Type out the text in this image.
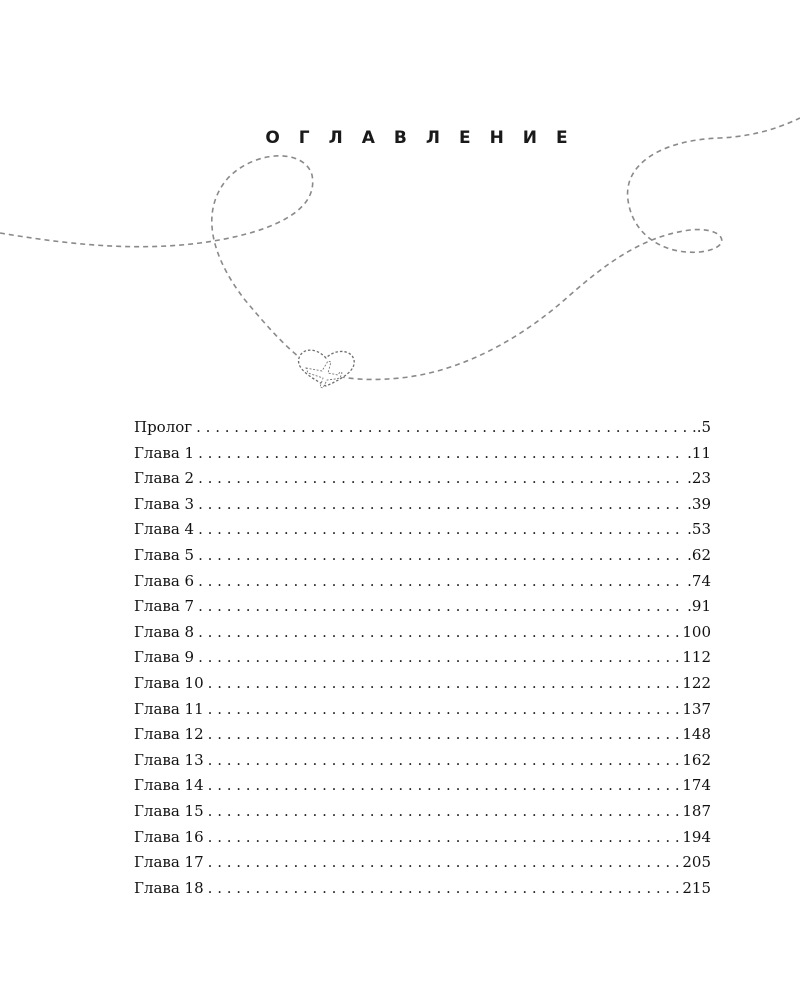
ОГЛАВЛЕНИЕ
Пролог . . .	.5
Глава 1 . . .	.11
Глава 2 . . .	.23
Глава 3 . . .	.39
Глава 4 . . .	.53
Глава 5 . . .	.62
Глава 6 . . .	.74
Глава 7 . . .	.91
Глава 8 . . .	100
Глава 9 . . .	112
Глава 10 . . .	122
Глава 11 . . .	137
Глава 12 . . .	148
Глава 13 . . .	162
Глава 14 . . .	174
Глава 15 . . .	187
Глава 16 . . .	194
Глава 17 . . .	205
Глава 18 . . .	215
